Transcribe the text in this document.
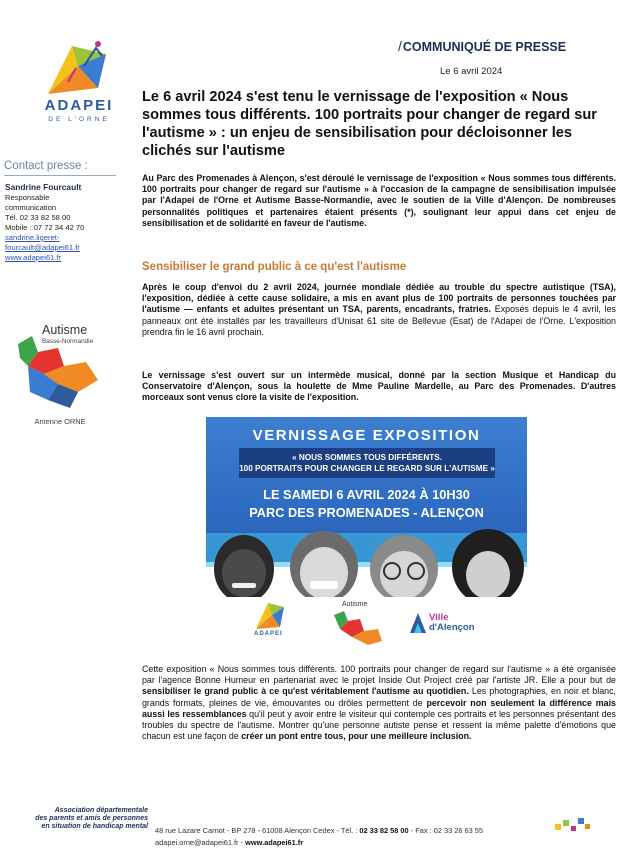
ADAPEI
DE L'ORNE
Contact presse :
Sandrine Fourcault
Responsable
communication
Tél. 02 33 82 58 00
Mobile : 07 72 34 42 70
sandrine.ligeret-
fourcault@adapei61.fr
www.adapei61.fr
Autisme
Basse-Normandie
Antenne ORNE
/COMMUNIQUÉ DE PRESSE
Le 6 avril 2024
Le 6 avril 2024 s'est tenu le vernissage de l'exposition « Nous sommes tous différents. 100 portraits pour changer de regard sur l'autisme » : un enjeu de sensibilisation pour décloisonner les clichés sur l'autisme
Au Parc des Promenades à Alençon, s'est déroulé le vernissage de l'exposition « Nous sommes tous différents. 100 portraits pour changer de regard sur l'autisme » à l'occasion de la campagne de sensibilisation impulsée par l'Adapei de l'Orne et Autisme Basse-Normandie, avec le soutien de la Ville d'Alençon. De nombreuses personnalités politiques et partenaires étaient présents (*), soulignant leur appui dans cet enjeu de sensibilisation et de solidarité en faveur de l'autisme.
Sensibiliser le grand public à ce qu'est l'autisme
Après le coup d'envoi du 2 avril 2024, journée mondiale dédiée au trouble du spectre autistique (TSA), l'exposition, dédiée à cette cause solidaire, a mis en avant plus de 100 portraits de personnes touchées par l'autisme — enfants et adultes présentant un TSA, parents, encadrants, fratries. Exposés depuis le 4 avril, les panneaux ont été installés par les travailleurs d'Unisat 61 site de Bellevue (Esat) de l'Adapei de l'Orne. L'exposition prendra fin le 16 avril prochain.
Le vernissage s'est ouvert sur un intermède musical, donné par la section Musique et Handicap du Conservatoire d'Alençon, sous la houlette de Mme Pauline Mardelle, au Parc des Promenades. D'autres morceaux sont venus clore la visite de l'exposition.
VERNISSAGE EXPOSITION
« NOUS SOMMES TOUS DIFFÉRENTS.
100 PORTRAITS POUR CHANGER LE REGARD SUR L'AUTISME »
LE SAMEDI 6 AVRIL 2024 À 10H30
PARC DES PROMENADES - ALENÇON
ADAPEI
Autisme
Ville
d'Alençon
Cette exposition « Nous sommes tous différents. 100 portraits pour changer de regard sur l'autisme » a été organisée par l'agence Bonne Humeur en partenariat avec le projet Inside Out Project créé par l'artiste JR. Elle a pour but de sensibiliser le grand public à ce qu'est véritablement l'autisme au quotidien. Les photographies, en noir et blanc, grands formats, pleines de vie, émouvantes ou drôles permettent de percevoir non seulement la différence mais aussi les ressemblances qu'il peut y avoir entre le visiteur qui contemple ces portraits et les personnes présentant des troubles du spectre de l'autisme. Montrer qu'une personne autiste pense et ressent la même palette d'émotions que chacun est une façon de créer un pont entre tous, pour une meilleure inclusion.
Association départementale
des parents et amis de personnes
en situation de handicap mental 48 rue Lazare Carnot - BP 278 - 61008 Alençon Cedex - Tél. : 02 33 82 58 00 - Fax : 02 33 26 63 55
adapei.orne@adapei61.fr - www.adapei61.fr
